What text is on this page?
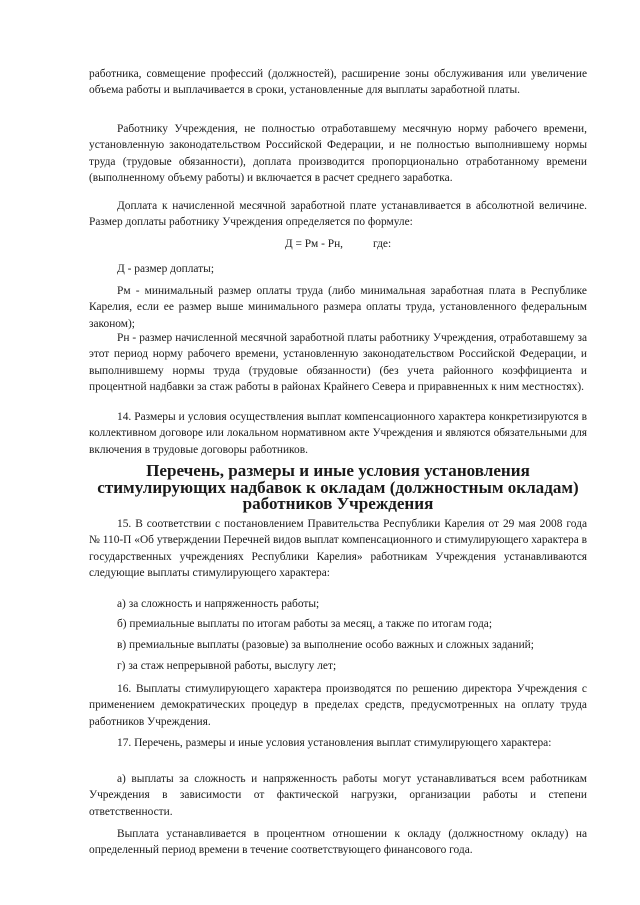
работника, совмещение профессий (должностей), расширение зоны обслуживания или увеличение объема работы и выплачивается в сроки, установленные для выплаты заработной платы.

Работнику Учреждения, не полностью отработавшему месячную норму рабочего времени, установленную законодательством Российской Федерации, и не полностью выполнившему нормы труда (трудовые обязанности), доплата производится пропорционально отработанному времени (выполненному объему работы) и включается в расчет среднего заработка.

Доплата к начисленной месячной заработной плате устанавливается в абсолютной величине. Размер доплаты работнику Учреждения определяется по формуле:

Д = Рм - Рн,	где:

Д - размер доплаты;

Рм - минимальный размер оплаты труда (либо минимальная заработная плата в Республике Карелия, если ее размер выше минимального размера оплаты труда, установленного федеральным законом);

Рн - размер начисленной месячной заработной платы работнику Учреждения, отработавшему за этот период норму рабочего времени, установленную законодательством Российской Федерации, и выполнившему нормы труда (трудовые обязанности) (без учета районного коэффициента и процентной надбавки за стаж работы в районах Крайнего Севера и приравненных к ним местностях).

14. Размеры и условия осуществления выплат компенсационного характера конкретизируются в коллективном договоре или локальном нормативном акте Учреждения и являются обязательными для включения в трудовые договоры работников.

Перечень, размеры и иные условия установления
стимулирующих надбавок к окладам (должностным окладам)
работников Учреждения

15. В соответствии с постановлением Правительства Республики Карелия от 29 мая 2008 года № 110-П «Об утверждении Перечней видов выплат компенсационного и стимулирующего характера в государственных учреждениях Республики Карелия» работникам Учреждения устанавливаются следующие выплаты стимулирующего характера:

а) за сложность и напряженность работы;

б) премиальные выплаты по итогам работы за месяц, а также по итогам года;

в) премиальные выплаты (разовые) за выполнение особо важных и сложных заданий;

г) за стаж непрерывной работы, выслугу лет;

16. Выплаты стимулирующего характера производятся по решению директора Учреждения с применением демократических процедур в пределах средств, предусмотренных на оплату труда работников Учреждения.

17. Перечень, размеры и иные условия установления выплат стимулирующего характера:

а) выплаты за сложность и напряженность работы могут устанавливаться всем работникам Учреждения в зависимости от фактической нагрузки, организации работы и степени ответственности.

Выплата устанавливается в процентном отношении к окладу (должностному окладу) на определенный период времени в течение соответствующего финансового года.
